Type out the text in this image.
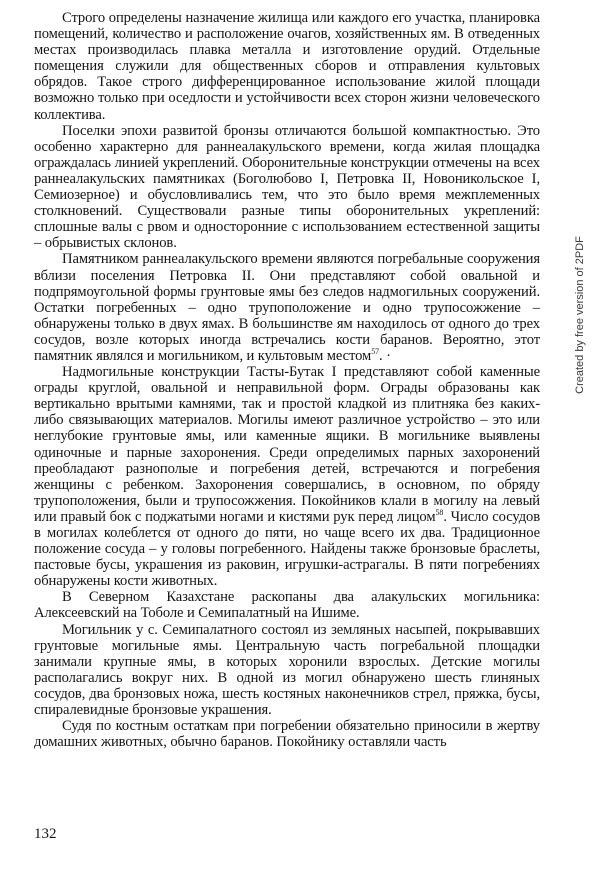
Строго определены назначение жилища или каждого его участка, планировка помещений, количество и расположение очагов, хозяйственных ям. В отведенных местах производилась плавка металла и изготовление орудий. Отдельные помещения служили для общественных сборов и отправления культовых обрядов. Такое строго дифференцированное использование жилой площади возможно только при оседлости и устойчивости всех сторон жизни человеческого коллектива.

Поселки эпохи развитой бронзы отличаются большой компактностью. Это особенно характерно для раннеалакульского времени, когда жилая площадка ограждалась линией укреплений. Оборонительные конструкции отмечены на всех раннеалакульских памятниках (Боголюбово I, Петровка II, Новоникольское I, Семиозерное) и обусловливались тем, что это было время межплеменных столкновений. Существовали разные типы оборонительных укреплений: сплошные валы с рвом и односторонние с использованием естественной защиты – обрывистых склонов.

Памятником раннеалакульского времени являются погребальные сооружения вблизи поселения Петровка II. Они представляют собой овальной и подпрямоугольной формы грунтовые ямы без следов надмогильных сооружений. Остатки погребенных – одно трупоположение и одно трупосожжение – обнаружены только в двух ямах. В большинстве ям находилось от одного до трех сосудов, возле которых иногда встречались кости баранов. Вероятно, этот памятник являлся и могильником, и культовым местом$^{57}$. ·

Надмогильные конструкции Тасты-Бутак I представляют собой каменные ограды круглой, овальной и неправильной форм. Ограды образованы как вертикально врытыми камнями, так и простой кладкой из плитняка без каких-либо связывающих материалов. Могилы имеют различное устройство – это или неглубокие грунтовые ямы, или каменные ящики. В могильнике выявлены одиночные и парные захоронения. Среди определимых парных захоронений преобладают разнополые и погребения детей, встречаются и погребения женщины с ребенком. Захоронения совершались, в основном, по обряду трупоположения, были и трупосожжения. Покойников клали в могилу на левый или правый бок с поджатыми ногами и кистями рук перед лицом$^{58}$. Число сосудов в могилах колеблется от одного до пяти, но чаще всего их два. Традиционное положение сосуда – у головы погребенного. Найдены также бронзовые браслеты, пастовые бусы, украшения из раковин, игрушки-астрагалы. В пяти погребениях обнаружены кости животных.

В Северном Казахстане раскопаны два алакульских могильника: Алексеевский на Тоболе и Семипалатный на Ишиме.

Могильник у с. Семипалатного состоял из земляных насыпей, покрывавших грунтовые могильные ямы. Центральную часть погребальной площадки занимали крупные ямы, в которых хоронили взрослых. Детские могилы располагались вокруг них. В одной из могил обнаружено шесть глиняных сосудов, два бронзовых ножа, шесть костяных наконечников стрел, пряжка, бусы, спиралевидные бронзовые украшения.

Судя по костным остаткам при погребении обязательно приносили в жертву домашних животных, обычно баранов. Покойнику оставляли часть

132
Created by free version of 2PDF
